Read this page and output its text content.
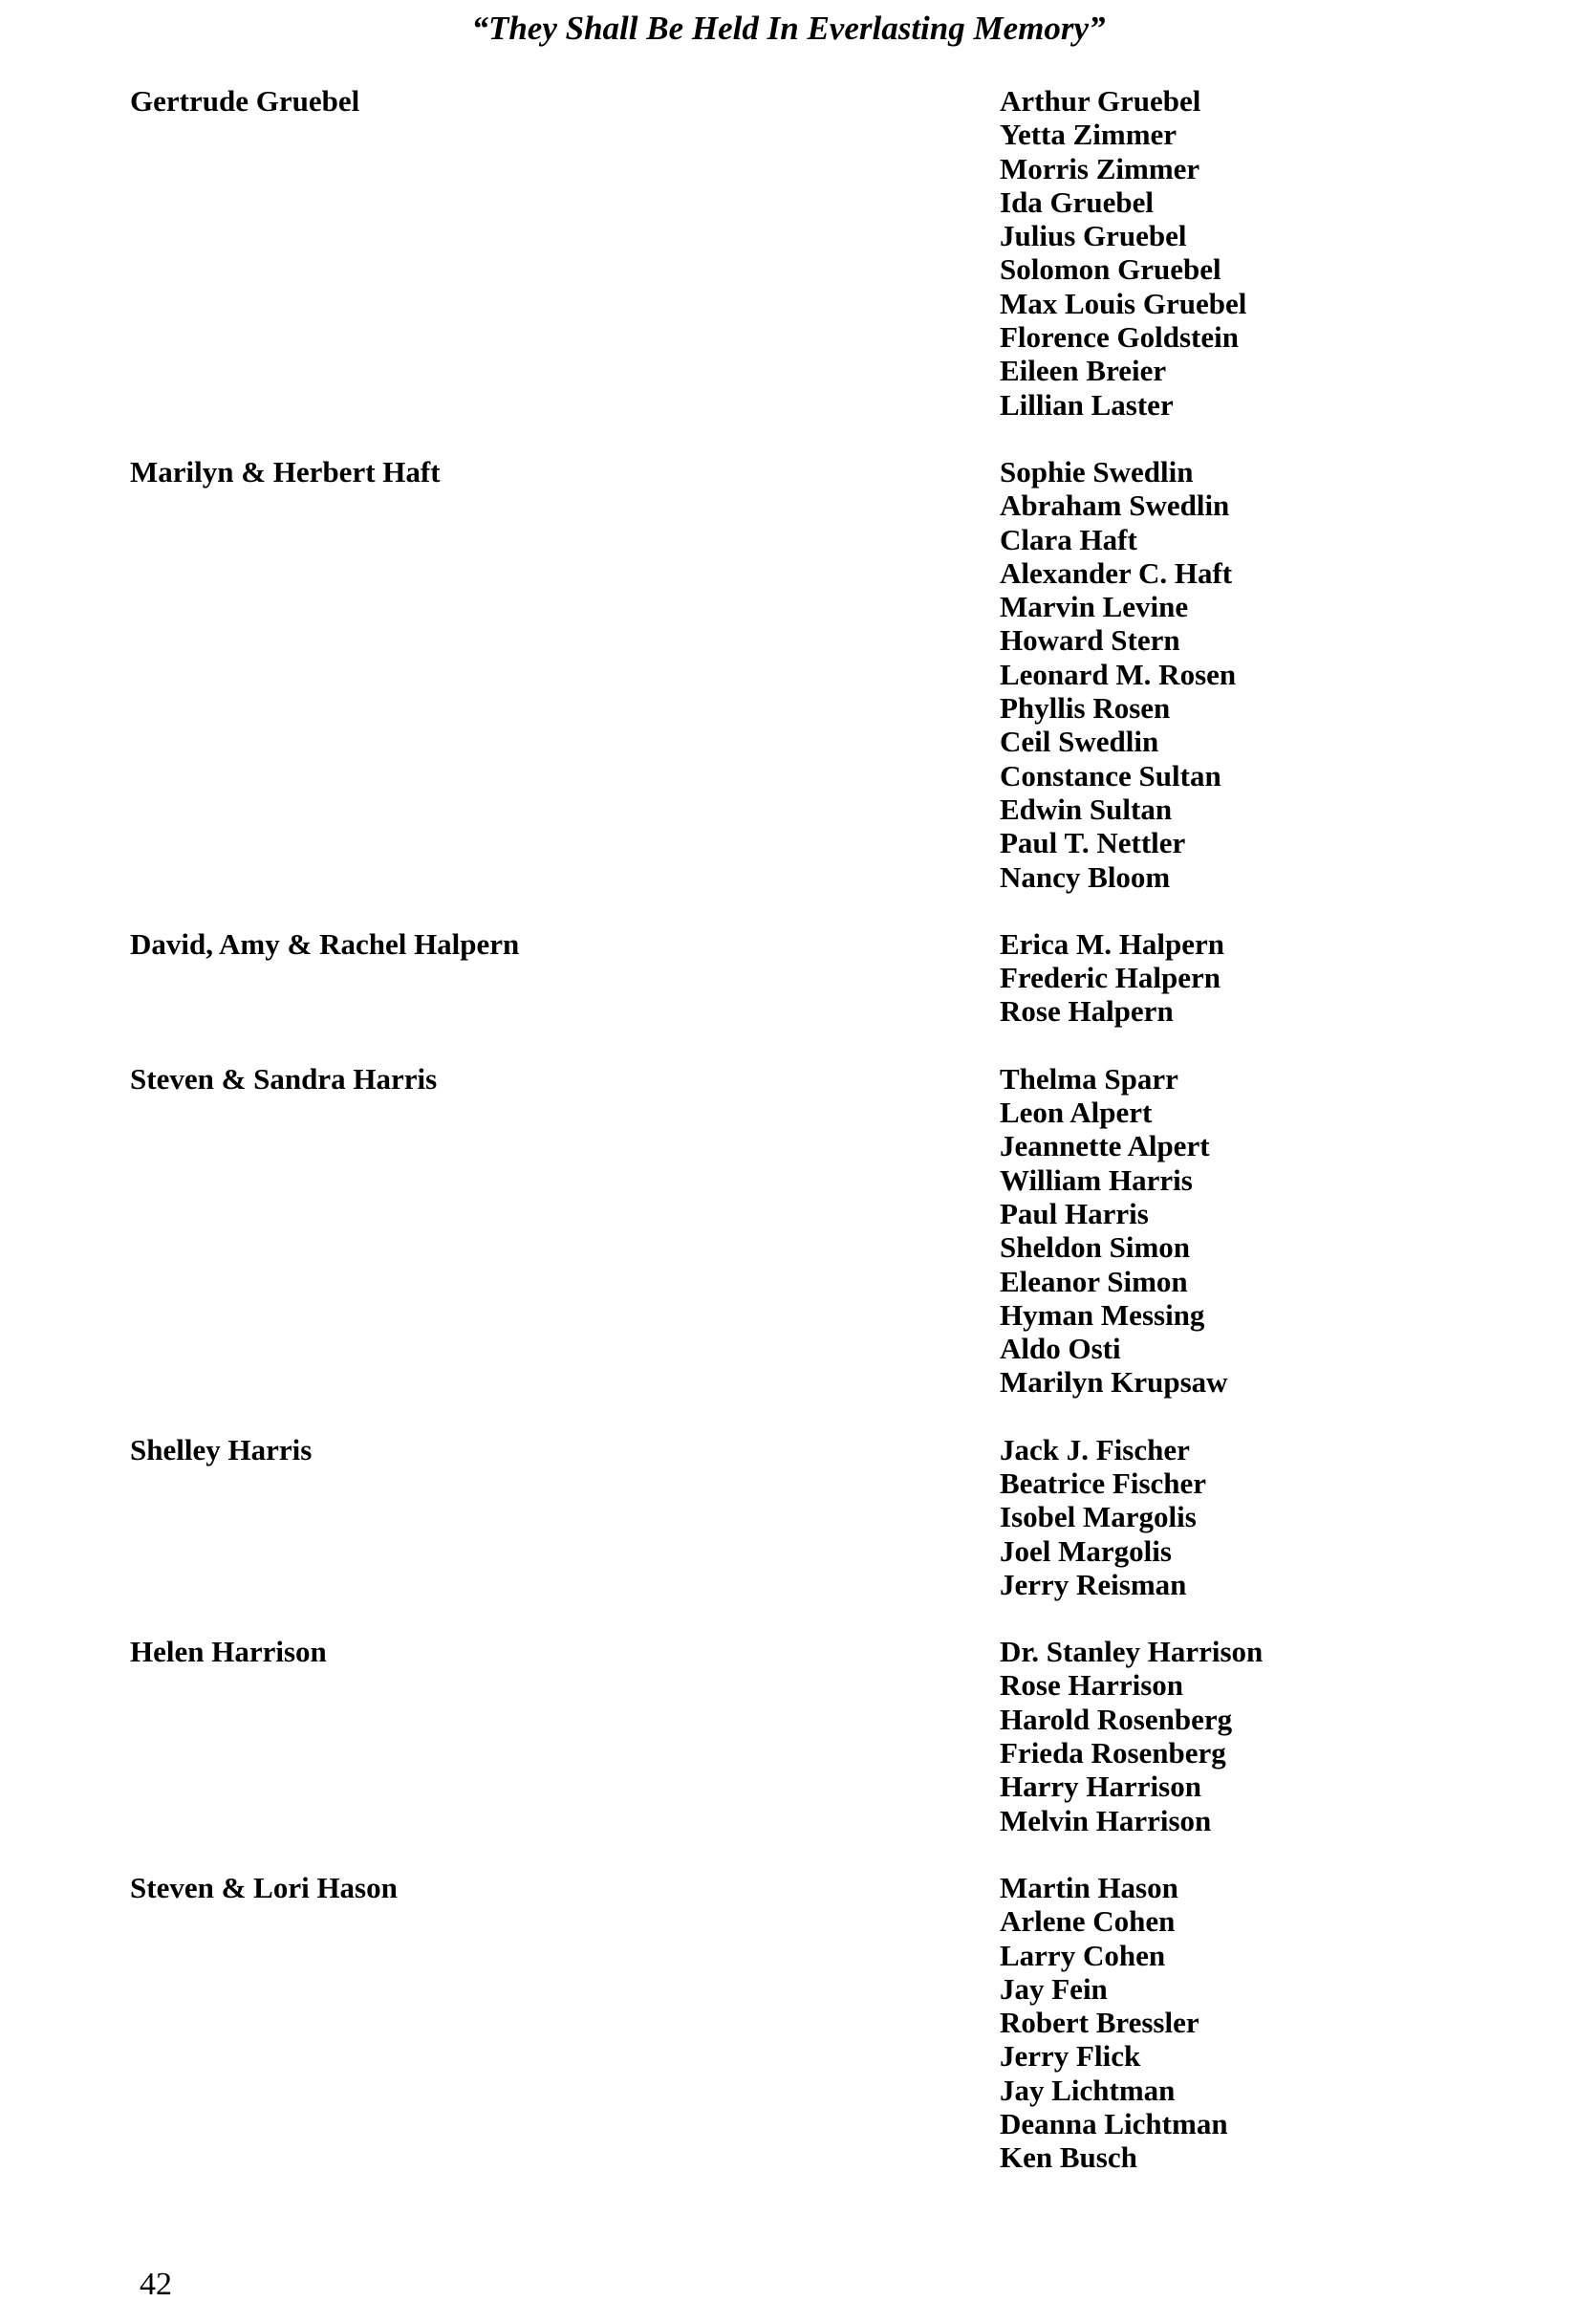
“They Shall Be Held In Everlasting Memory”
Gertrude Gruebel	Arthur Gruebel
Yetta Zimmer
Morris Zimmer
Ida Gruebel
Julius Gruebel
Solomon Gruebel
Max Louis Gruebel
Florence Goldstein
Eileen Breier
Lillian Laster
Marilyn & Herbert Haft	Sophie Swedlin
Abraham Swedlin
Clara Haft
Alexander C. Haft
Marvin Levine
Howard Stern
Leonard M. Rosen
Phyllis Rosen
Ceil Swedlin
Constance Sultan
Edwin Sultan
Paul T. Nettler
Nancy Bloom
David, Amy & Rachel Halpern	Erica M. Halpern
Frederic Halpern
Rose Halpern
Steven & Sandra Harris	Thelma Sparr
Leon Alpert
Jeannette Alpert
William Harris
Paul Harris
Sheldon Simon
Eleanor Simon
Hyman Messing
Aldo Osti
Marilyn Krupsaw
Shelley Harris	Jack J. Fischer
Beatrice Fischer
Isobel Margolis
Joel Margolis
Jerry Reisman
Helen Harrison	Dr. Stanley Harrison
Rose Harrison
Harold Rosenberg
Frieda Rosenberg
Harry Harrison
Melvin Harrison
Steven & Lori Hason	Martin Hason
Arlene Cohen
Larry Cohen
Jay Fein
Robert Bressler
Jerry Flick
Jay Lichtman
Deanna Lichtman
Ken Busch
42
